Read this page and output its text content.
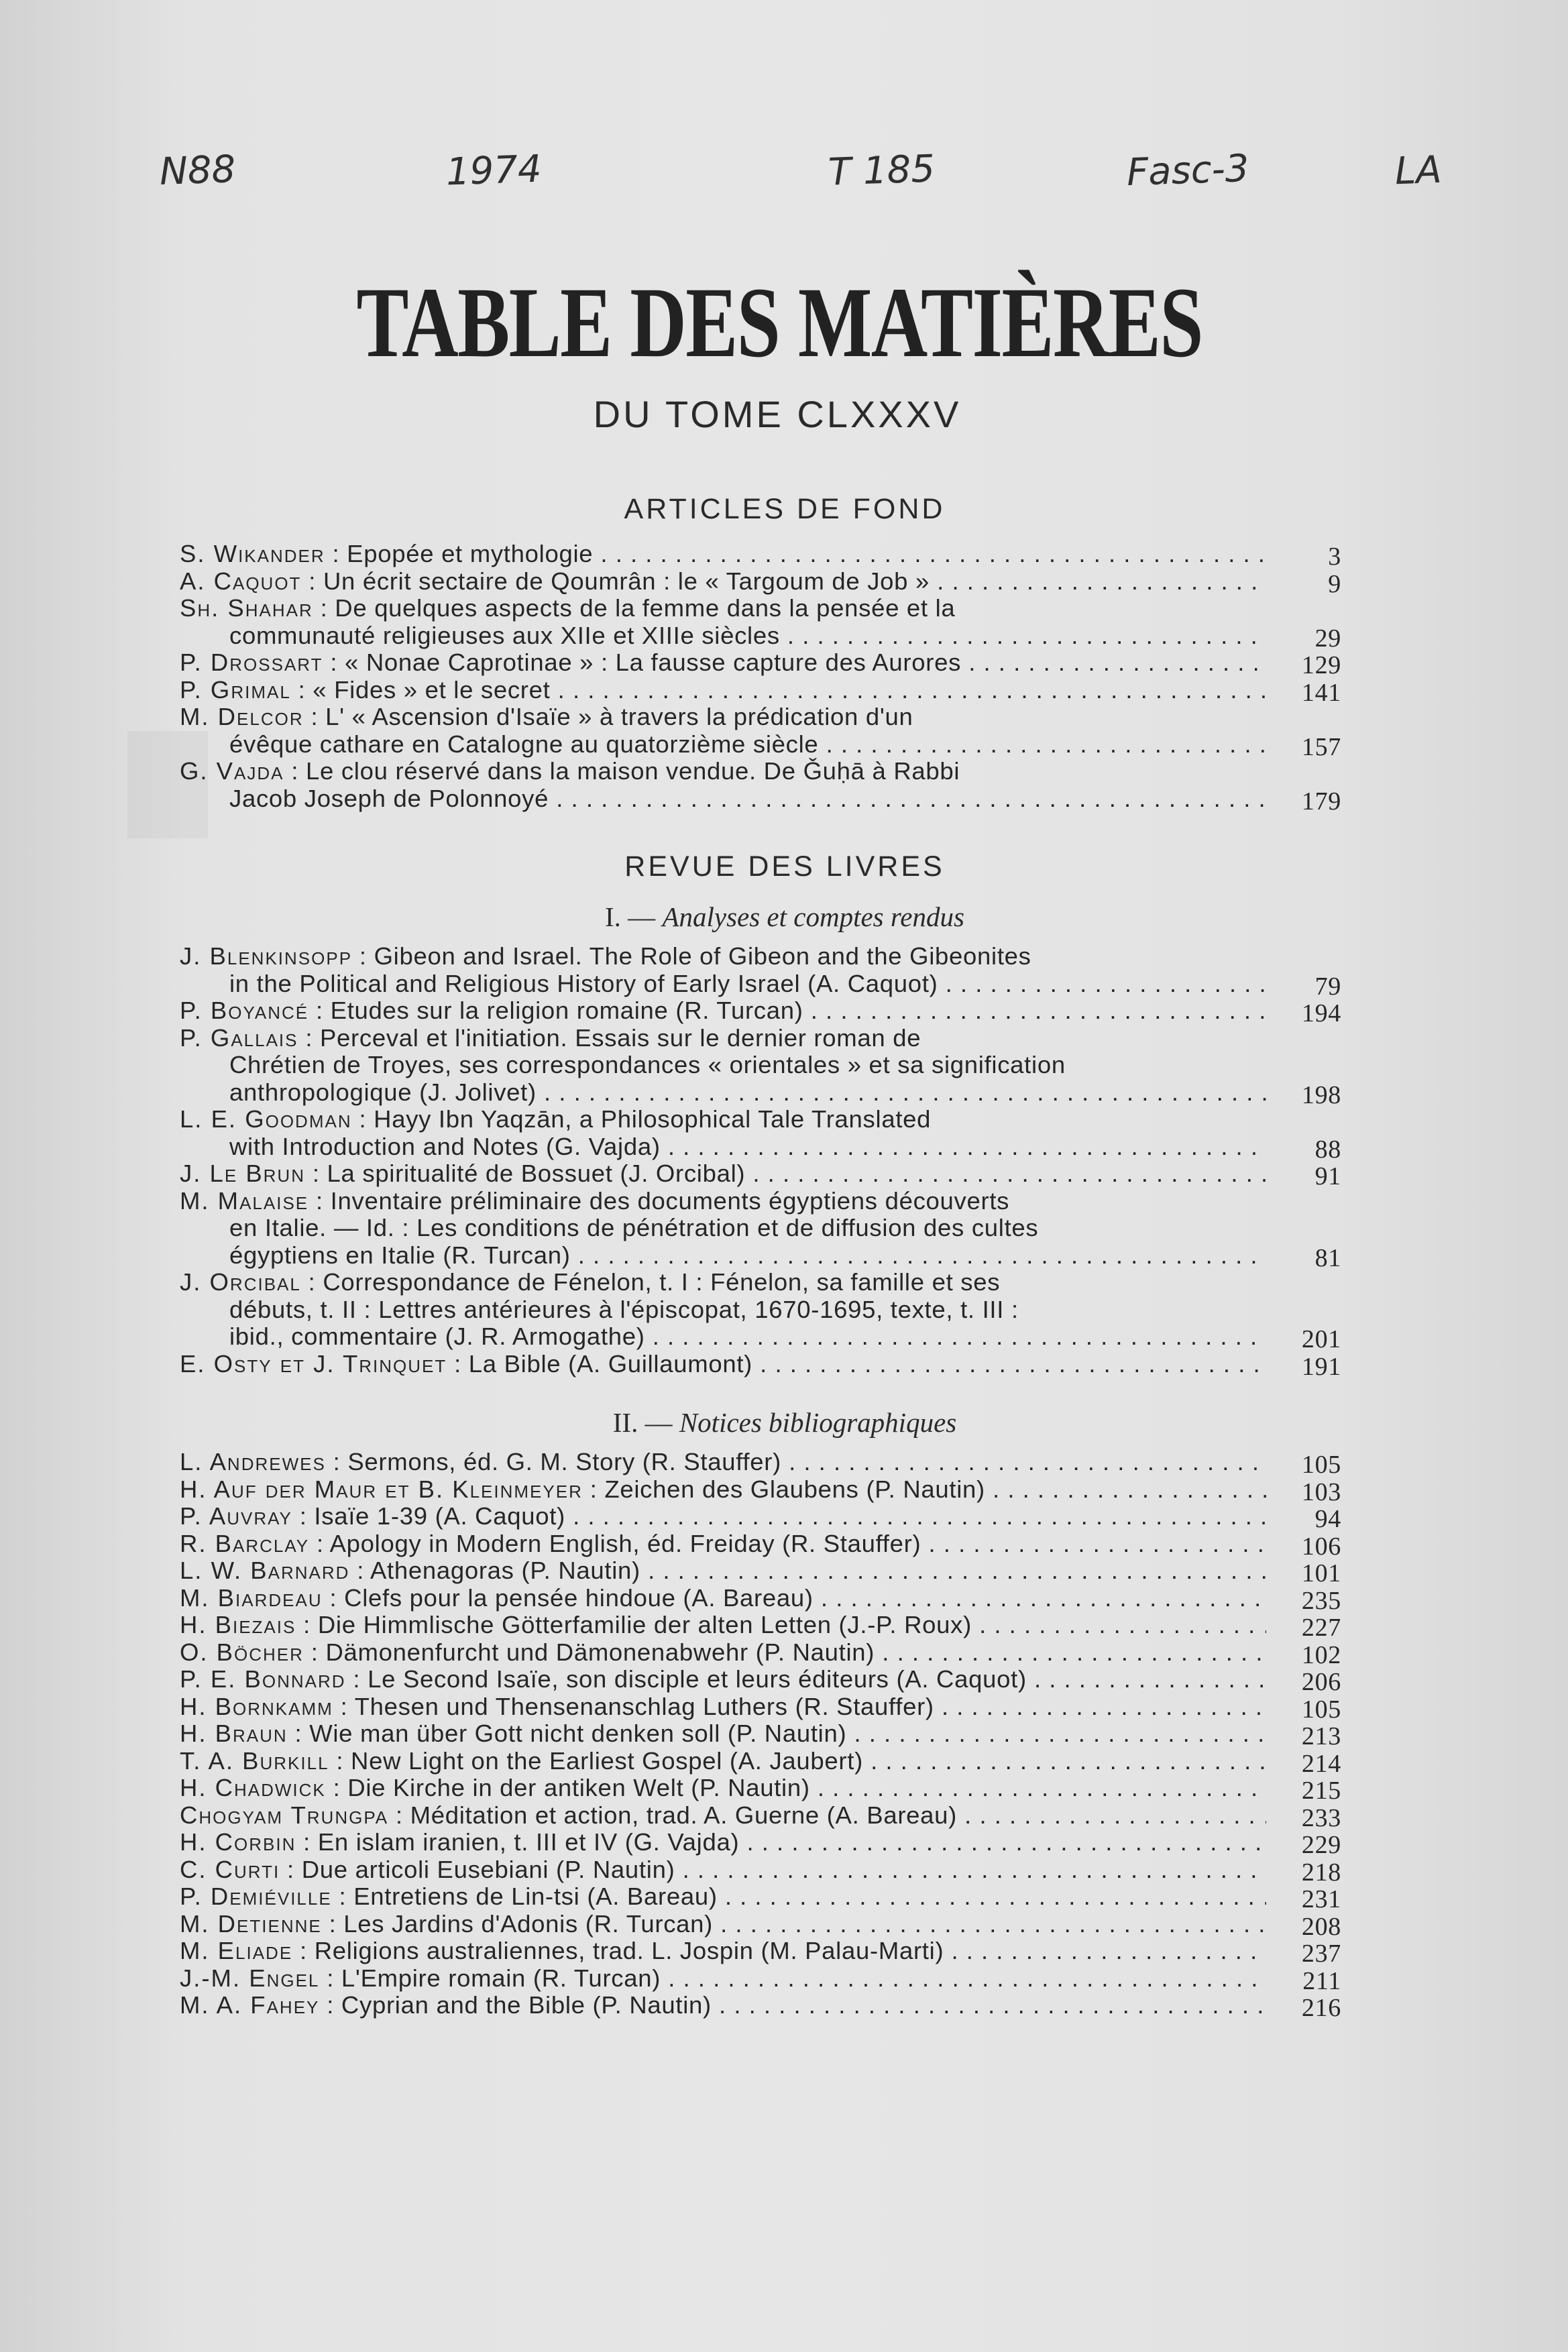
N88	1974	T 185	Fasc-3	LA
TABLE DES MATIÈRES
DU TOME CLXXXV
ARTICLES DE FOND
S. Wikander : Epopée et mythologie . . .	3
A. Caquot : Un écrit sectaire de Qoumrân : le « Targoum de Job » . . .	9
Sh. Shahar : De quelques aspects de la femme dans la pensée et la
communauté religieuses aux XIIe et XIIIe siècles . . .	29
P. Drossart : « Nonae Caprotinae » : La fausse capture des Aurores . . .	129
P. Grimal : « Fides » et le secret . . .	141
M. Delcor : L' « Ascension d'Isaïe » à travers la prédication d'un
évêque cathare en Catalogne au quatorzième siècle . . .	157
G. Vajda : Le clou réservé dans la maison vendue. De Ǧuḥā à Rabbi
Jacob Joseph de Polonnoyé . . .	179
REVUE DES LIVRES
I. — Analyses et comptes rendus
J. Blenkinsopp : Gibeon and Israel. The Role of Gibeon and the Gibeonites
in the Political and Religious History of Early Israel (A. Caquot) . . .	79
P. Boyancé : Etudes sur la religion romaine (R. Turcan) . . .	194
P. Gallais : Perceval et l'initiation. Essais sur le dernier roman de
Chrétien de Troyes, ses correspondances « orientales » et sa signification
anthropologique (J. Jolivet) . . .	198
L. E. Goodman : Hayy Ibn Yaqzān, a Philosophical Tale Translated
with Introduction and Notes (G. Vajda) . . .	88
J. Le Brun : La spiritualité de Bossuet (J. Orcibal) . . .	91
M. Malaise : Inventaire préliminaire des documents égyptiens découverts
en Italie. — Id. : Les conditions de pénétration et de diffusion des cultes
égyptiens en Italie (R. Turcan) . . .	81
J. Orcibal : Correspondance de Fénelon, t. I : Fénelon, sa famille et ses
débuts, t. II : Lettres antérieures à l'épiscopat, 1670-1695, texte, t. III :
ibid., commentaire (J. R. Armogathe) . . .	201
E. Osty et J. Trinquet : La Bible (A. Guillaumont) . . .	191
II. — Notices bibliographiques
L. Andrewes : Sermons, éd. G. M. Story (R. Stauffer) . . .	105
H. Auf der Maur et B. Kleinmeyer : Zeichen des Glaubens (P. Nautin) . . .	103
P. Auvray : Isaïe 1-39 (A. Caquot) . . .	94
R. Barclay : Apology in Modern English, éd. Freiday (R. Stauffer) . . .	106
L. W. Barnard : Athenagoras (P. Nautin) . . .	101
M. Biardeau : Clefs pour la pensée hindoue (A. Bareau) . . .	235
H. Biezais : Die Himmlische Götterfamilie der alten Letten (J.-P. Roux) . . .	227
O. Böcher : Dämonenfurcht und Dämonenabwehr (P. Nautin) . . .	102
P. E. Bonnard : Le Second Isaïe, son disciple et leurs éditeurs (A. Caquot) . . .	206
H. Bornkamm : Thesen und Thensenanschlag Luthers (R. Stauffer) . . .	105
H. Braun : Wie man über Gott nicht denken soll (P. Nautin) . . .	213
T. A. Burkill : New Light on the Earliest Gospel (A. Jaubert) . . .	214
H. Chadwick : Die Kirche in der antiken Welt (P. Nautin) . . .	215
Chogyam Trungpa : Méditation et action, trad. A. Guerne (A. Bareau) . . .	233
H. Corbin : En islam iranien, t. III et IV (G. Vajda) . . .	229
C. Curti : Due articoli Eusebiani (P. Nautin) . . .	218
P. Demiéville : Entretiens de Lin-tsi (A. Bareau) . . .	231
M. Detienne : Les Jardins d'Adonis (R. Turcan) . . .	208
M. Eliade : Religions australiennes, trad. L. Jospin (M. Palau-Marti) . . .	237
J.-M. Engel : L'Empire romain (R. Turcan) . . .	211
M. A. Fahey : Cyprian and the Bible (P. Nautin) . . .	216
